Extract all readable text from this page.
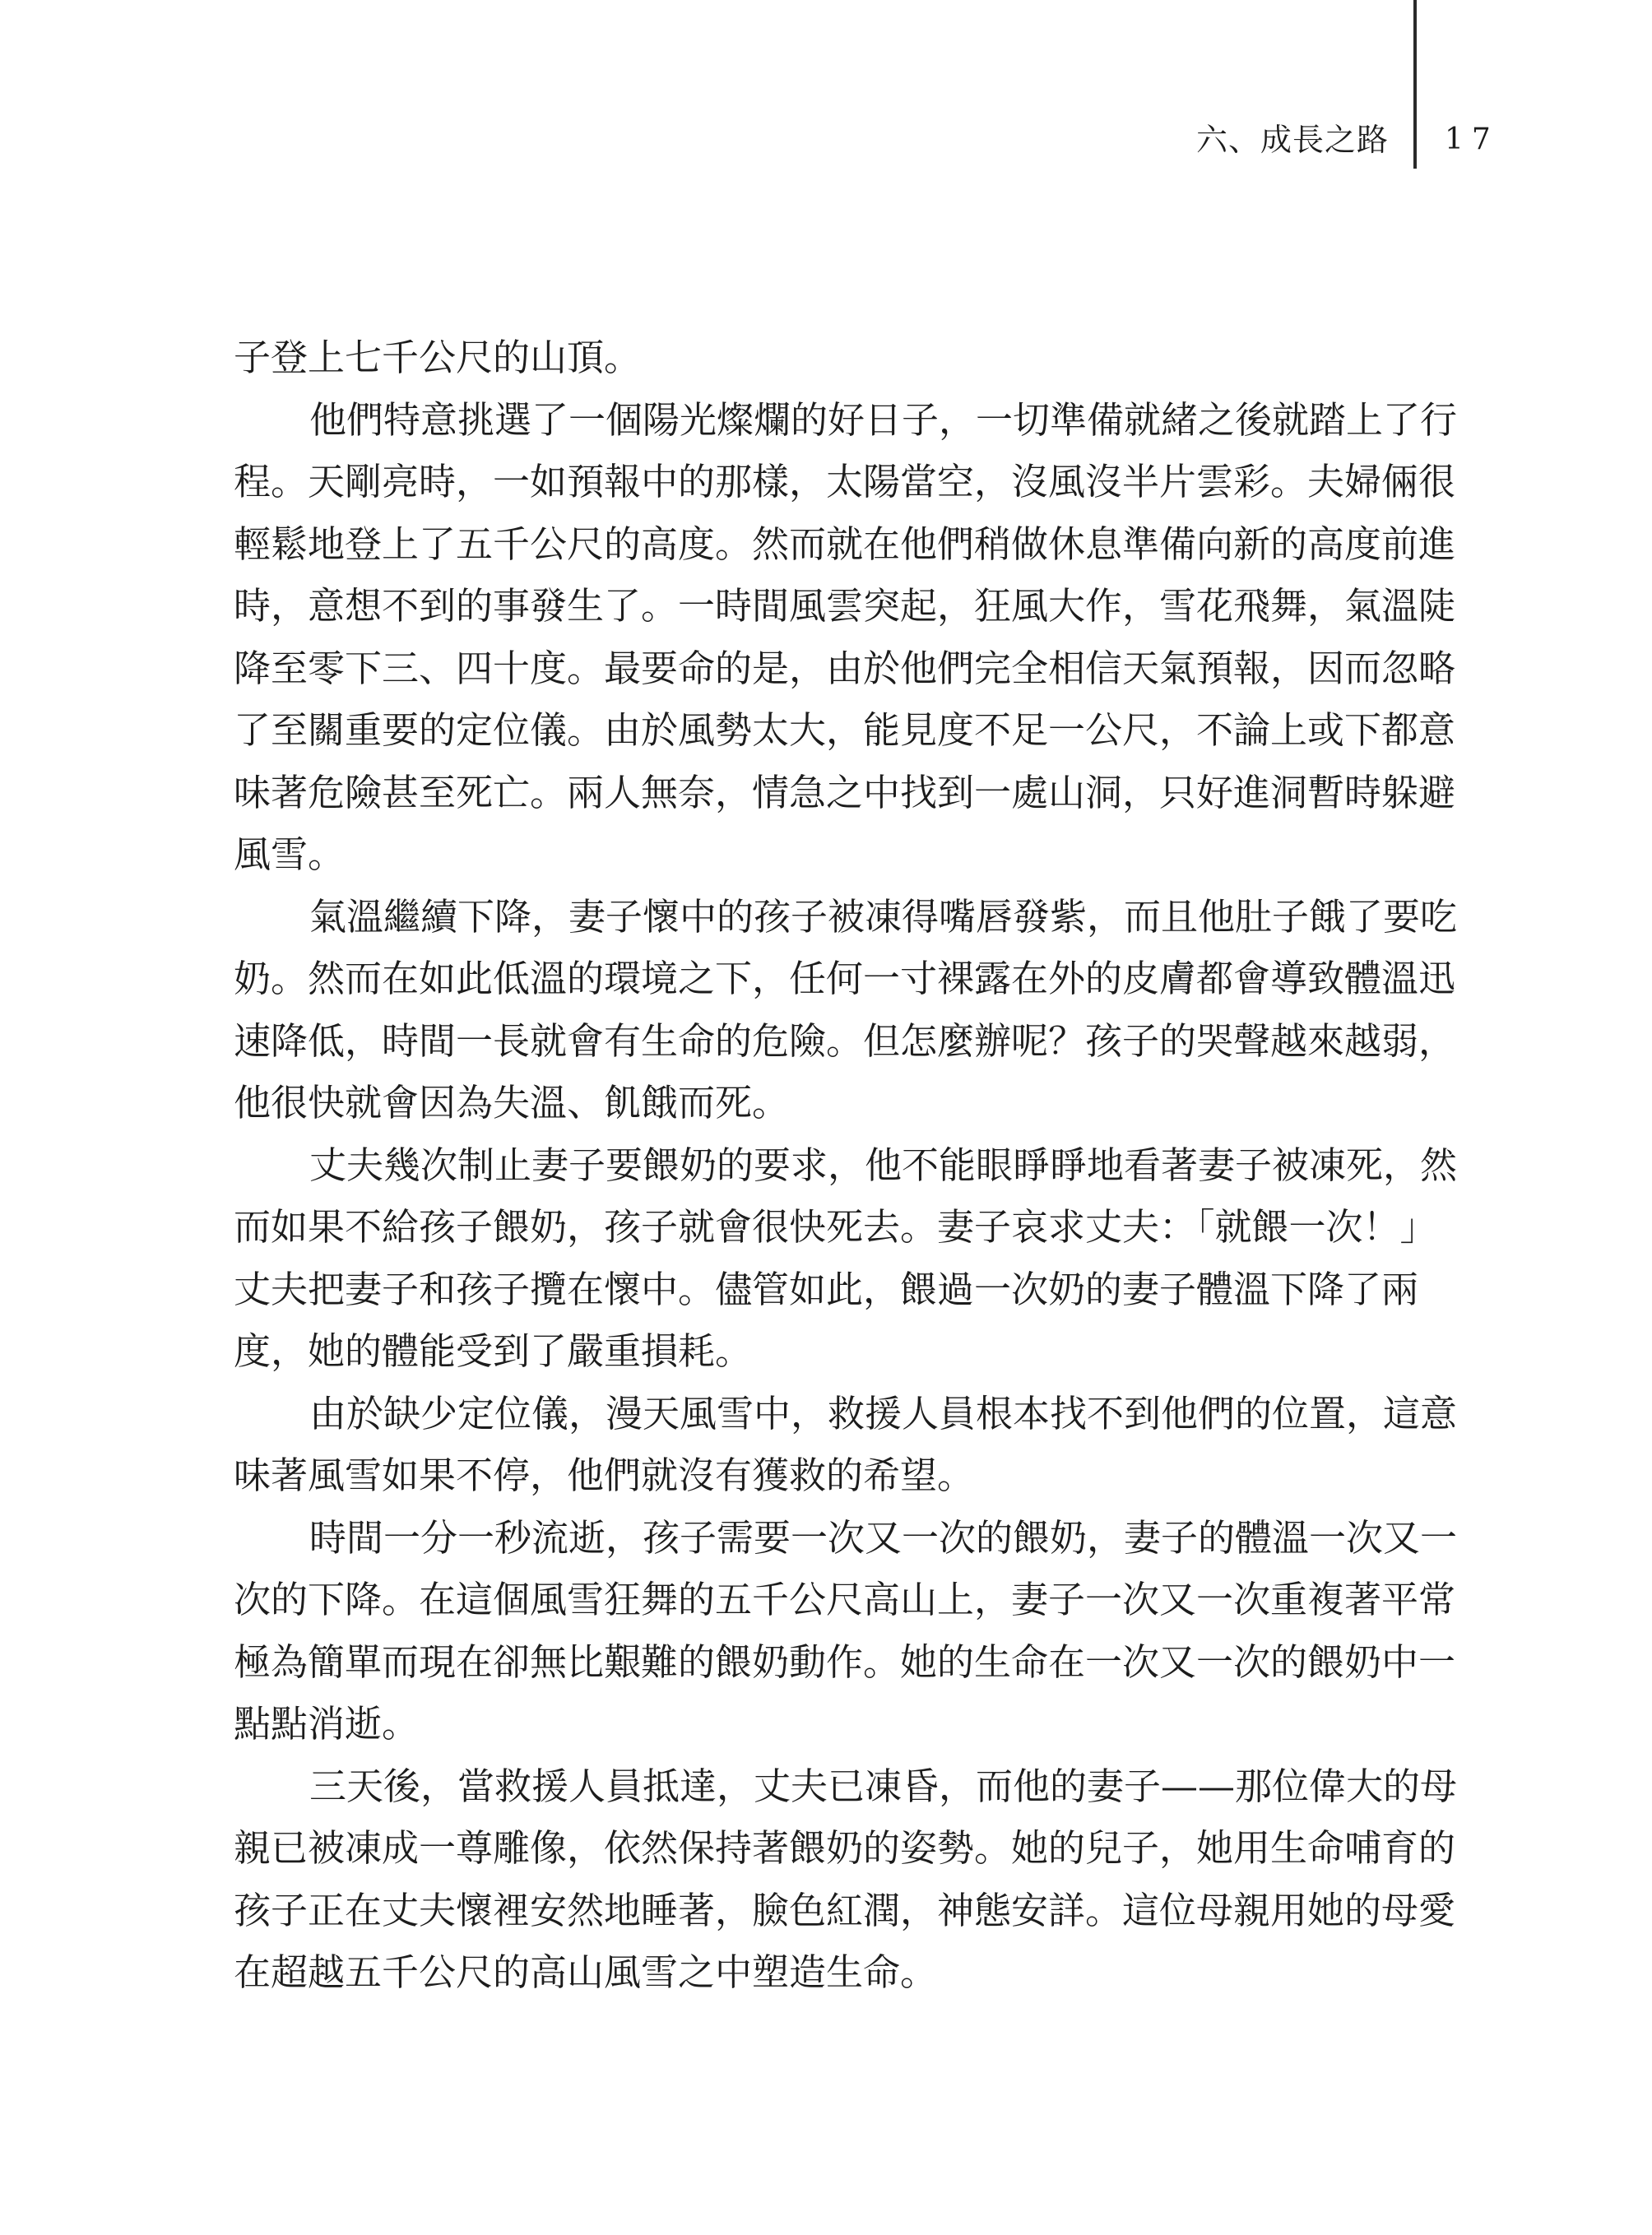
六、成長之路 17
子登上七千公尺的山頂。
他們特意挑選了一個陽光燦爛的好日子，一切準備就緒之後就踏上了行
程。天剛亮時，一如預報中的那樣，太陽當空，沒風沒半片雲彩。夫婦倆很
輕鬆地登上了五千公尺的高度。然而就在他們稍做休息準備向新的高度前進
時，意想不到的事發生了。一時間風雲突起，狂風大作，雪花飛舞，氣溫陡
降至零下三、四十度。最要命的是，由於他們完全相信天氣預報，因而忽略
了至關重要的定位儀。由於風勢太大，能見度不足一公尺，不論上或下都意
味著危險甚至死亡。兩人無奈，情急之中找到一處山洞，只好進洞暫時躲避
風雪。
氣溫繼續下降，妻子懷中的孩子被凍得嘴唇發紫，而且他肚子餓了要吃
奶。然而在如此低溫的環境之下，任何一寸裸露在外的皮膚都會導致體溫迅
速降低，時間一長就會有生命的危險。但怎麼辦呢？孩子的哭聲越來越弱，
他很快就會因為失溫、飢餓而死。
丈夫幾次制止妻子要餵奶的要求，他不能眼睜睜地看著妻子被凍死，然
而如果不給孩子餵奶，孩子就會很快死去。妻子哀求丈夫：「就餵一次！」
丈夫把妻子和孩子攬在懷中。儘管如此，餵過一次奶的妻子體溫下降了兩
度，她的體能受到了嚴重損耗。
由於缺少定位儀，漫天風雪中，救援人員根本找不到他們的位置，這意
味著風雪如果不停，他們就沒有獲救的希望。
時間一分一秒流逝，孩子需要一次又一次的餵奶，妻子的體溫一次又一
次的下降。在這個風雪狂舞的五千公尺高山上，妻子一次又一次重複著平常
極為簡單而現在卻無比艱難的餵奶動作。她的生命在一次又一次的餵奶中一
點點消逝。
三天後，當救援人員抵達，丈夫已凍昏，而他的妻子——那位偉大的母
親已被凍成一尊雕像，依然保持著餵奶的姿勢。她的兒子，她用生命哺育的
孩子正在丈夫懷裡安然地睡著，臉色紅潤，神態安詳。這位母親用她的母愛
在超越五千公尺的高山風雪之中塑造生命。
